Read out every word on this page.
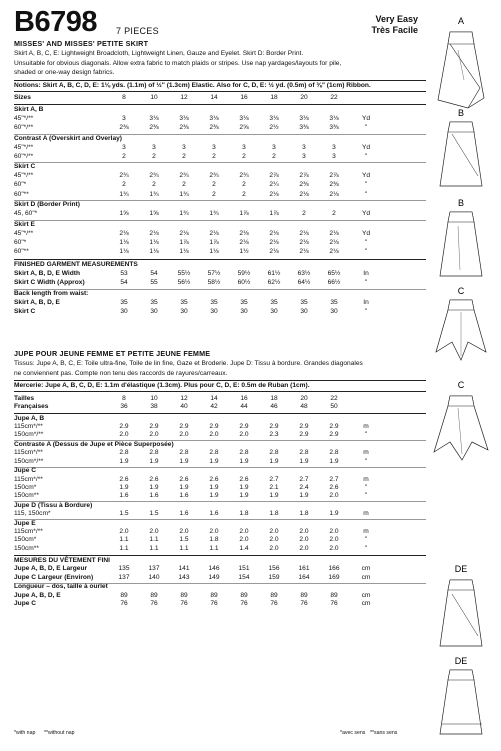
B6798 7 PIECES
Very Easy
Très Facile
MISSES' AND MISSES' PETITE SKIRT
Skirt A, B, C, E: Lightweight Broadcloth, Lightweight Linen, Gauze and Eyelet. Skirt D: Border Print.
Unsuitable for obvious diagonals. Allow extra fabric to match plaids or stripes. Use nap yardages/layouts for pile,
shaded or one-way design fabrics.
Notions: Skirt A, B, C, D, E: 1⅛ yds. (1.1m) of ½" (1.3cm) Elastic. Also for C, D, E: ½ yd. (0.5m) of ⅜" (1cm) Ribbon.
Sizes	8	10	12	14	16	18	20	22
Skirt A, B
45"*/**	3	3⅛	3⅛	3⅛	3⅛	3⅛	3⅛	3⅛	Yd
60"*/**	2⅜	2⅜	2⅜	2⅜	2⅝	2½	3⅜	3⅜	"
Contrast A (Overskirt and Overlay)
45"*/**	3	3	3	3	3	3	3	3	Yd
60"*/**	2	2	2	2	2	2	3	3	"
Skirt C
45"*/**	2¾	2¾	2¾	2¾	2¾	2⅞	2⅞	2⅞	Yd
60"*	2	2	2	2	2	2¼	2⅜	2⅜	"
60"**	1¾	1¾	1¾	2	2	2⅛	2⅛	2⅛	"
Skirt D (Border Print)
45, 60"*	1⅝	1⅝	1¾	1¾	1⅞	1⅞	2	2	Yd
Skirt E
45"*/**	2⅛	2⅛	2⅛	2⅛	2⅛	2⅛	2⅛	2⅛	Yd
60"*	1⅛	1⅛	1⅞	1⅞	2⅛	2⅛	2⅛	2⅛	"
60"**	1⅛	1⅛	1⅛	1⅛	1½	2⅛	2⅛	2⅛	"
FINISHED GARMENT MEASUREMENTS
Skirt A, B, D, E Width	53	54	55½	57½	59½	61½	63½	65½	In
Skirt C Width (Approx)	54	55	56½	58½	60½	62½	64½	66½	"
Back length from waist:
Skirt A, B, D, E	35	35	35	35	35	35	35	35	In
Skirt C	30	30	30	30	30	30	30	30	"
JUPE POUR JEUNE FEMME ET PETITE JEUNE FEMME
Tissus: Jupe A, B, C, E: Toile ultra-fine, Toile de lin fine, Gaze et Broderie. Jupe D: Tissu à bordure. Grandes diagonales
ne conviennent pas. Compte non tenu des raccords de rayures/carreaux.
Mercerie: Jupe A, B, C, D, E: 1.1m d'élastique (1.3cm). Plus pour C, D, E: 0.5m de Ruban (1cm).
Tailles	8	10	12	14	16	18	20	22
Françaises	36	38	40	42	44	46	48	50
Jupe A, B
115cm*/**	2.9	2.9	2.9	2.9	2.9	2.9	2.9	2.9	m
150cm*/**	2.0	2.0	2.0	2.0	2.0	2.3	2.9	2.9	"
Contraste A (Dessus de Jupe et Pièce Superposée)
115cm*/**	2.8	2.8	2.8	2.8	2.8	2.8	2.8	2.8	m
150cm*/**	1.9	1.9	1.9	1.9	1.9	1.9	1.9	1.9	"
Jupe C
115cm*/**	2.6	2.6	2.6	2.6	2.6	2.7	2.7	2.7	m
150cm*	1.9	1.9	1.9	1.9	1.9	2.1	2.4	2.6	"
150cm**	1.6	1.6	1.6	1.9	1.9	1.9	1.9	2.0	"
Jupe D (Tissu à Bordure)
115, 150cm*	1.5	1.5	1.6	1.6	1.8	1.8	1.8	1.9	m
Jupe E
115cm*/**	2.0	2.0	2.0	2.0	2.0	2.0	2.0	2.0	m
150cm*	1.1	1.1	1.5	1.8	2.0	2.0	2.0	2.0	"
150cm**	1.1	1.1	1.1	1.1	1.4	2.0	2.0	2.0	"
MESURES DU VÊTEMENT FINI
Jupe A, B, D, E Largeur	135	137	141	146	151	156	161	166	cm
Jupe C Largeur (Environ)	137	140	143	149	154	159	164	169	cm
Longueur – dos, taille à ourlet
Jupe A, B, D, E	89	89	89	89	89	89	89	89	cm
Jupe C	76	76	76	76	76	76	76	76	cm
*with nap **without nap	*avec sens **sans sens
A
B
B
C
C
DE
DE
